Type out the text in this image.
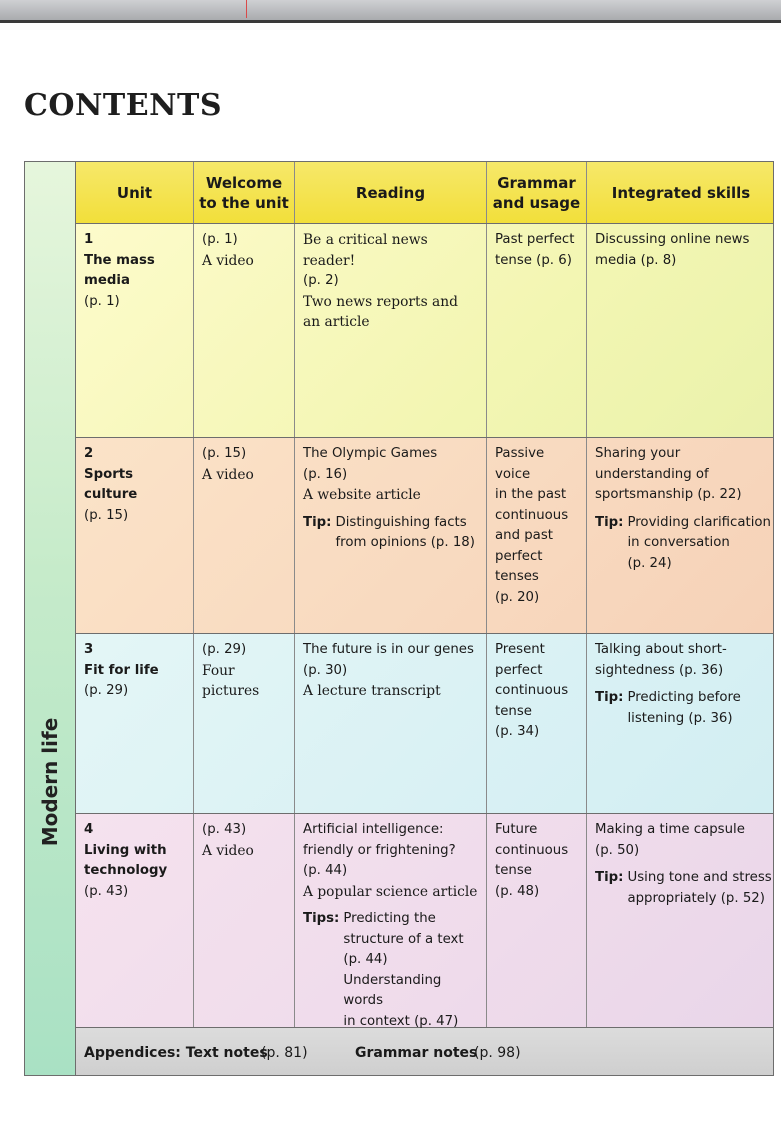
CONTENTS
Modern life
Unit
Welcome to the unit
Reading
Grammar and usage
Integrated skills
1
The mass
media
(p. 1)
(p. 1)
A video
Be a critical news reader!
(p. 2)
Two news reports and
an article
Past perfect
tense (p. 6)
Discussing online news
media (p. 8)
2
Sports culture
(p. 15)
(p. 15)
A video
The Olympic Games
(p. 16)
A website article
Tip: Distinguishing facts
from opinions (p. 18)
Passive voice
in the past
continuous
and past
perfect
tenses
(p. 20)
Sharing your
understanding of
sportsmanship (p. 22)
Tip: Providing clarification
in conversation
(p. 24)
3
Fit for life
(p. 29)
(p. 29)
Four
pictures
The future is in our genes
(p. 30)
A lecture transcript
Present
perfect
continuous
tense
(p. 34)
Talking about short-
sightedness (p. 36)
Tip: Predicting before
listening (p. 36)
4
Living with
technology
(p. 43)
(p. 43)
A video
Artificial intelligence:
friendly or frightening?
(p. 44)
A popular science article
Tips: Predicting the
structure of a text
(p. 44)
Understanding words
in context (p. 47)
Future
continuous
tense
(p. 48)
Making a time capsule
(p. 50)
Tip: Using tone and stress
appropriately (p. 52)
Appendices: Text notes
(p. 81)	Grammar notes
(p. 98)
